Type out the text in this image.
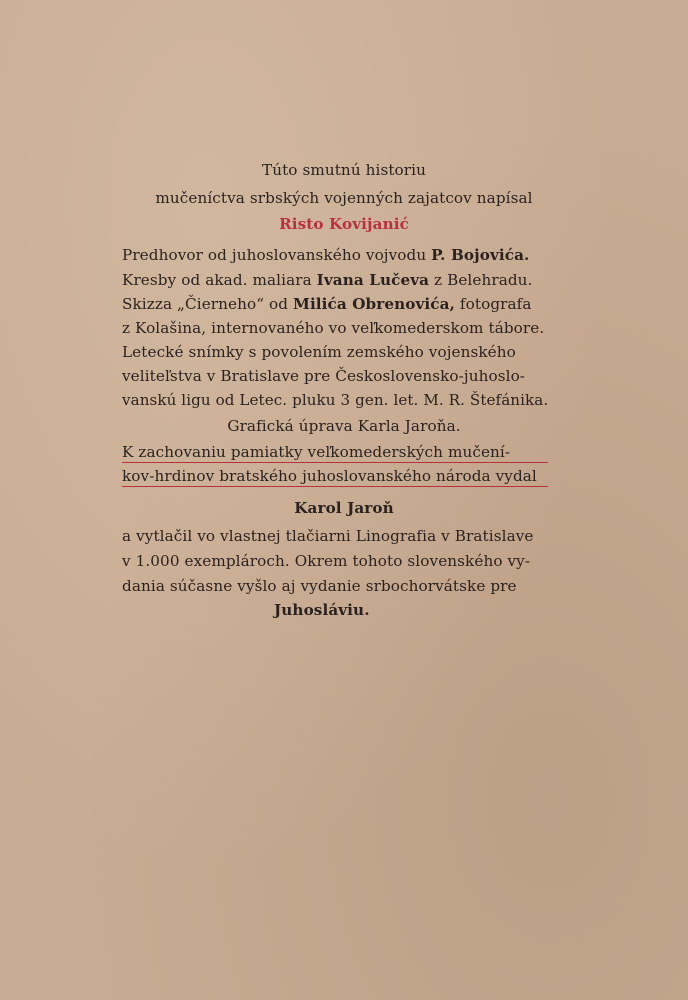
Túto smutnú historiu
mučeníctva srbských vojenných zajatcov napísal
Risto Kovijanić
Predhovor od juhoslovanského vojvodu P. Bojovića.
Kresby od akad. maliara Ivana Lučeva z Belehradu.
Skizza „Čierneho“ od Milića Obrenovića, fotografa
z Kolašina, internovaného vo veľkomederskom tábore.
Letecké snímky s povolením zemského vojenského
veliteľstva v Bratislave pre Československo-juhoslo-
vanskú ligu od Letec. pluku 3 gen. let. M. R. Štefánika.
Grafická úprava Karla Jaroňa.
K zachovaniu pamiatky veľkomederských mučení-
kov-hrdinov bratského juhoslovanského národa vydal
Karol Jaroň
a vytlačil vo vlastnej tlačiarni Linografia v Bratislave
v 1.000 exemplároch. Okrem tohoto slovenského vy-
dania súčasne vyšlo aj vydanie srbochorvátske pre
Juhosláviu.
